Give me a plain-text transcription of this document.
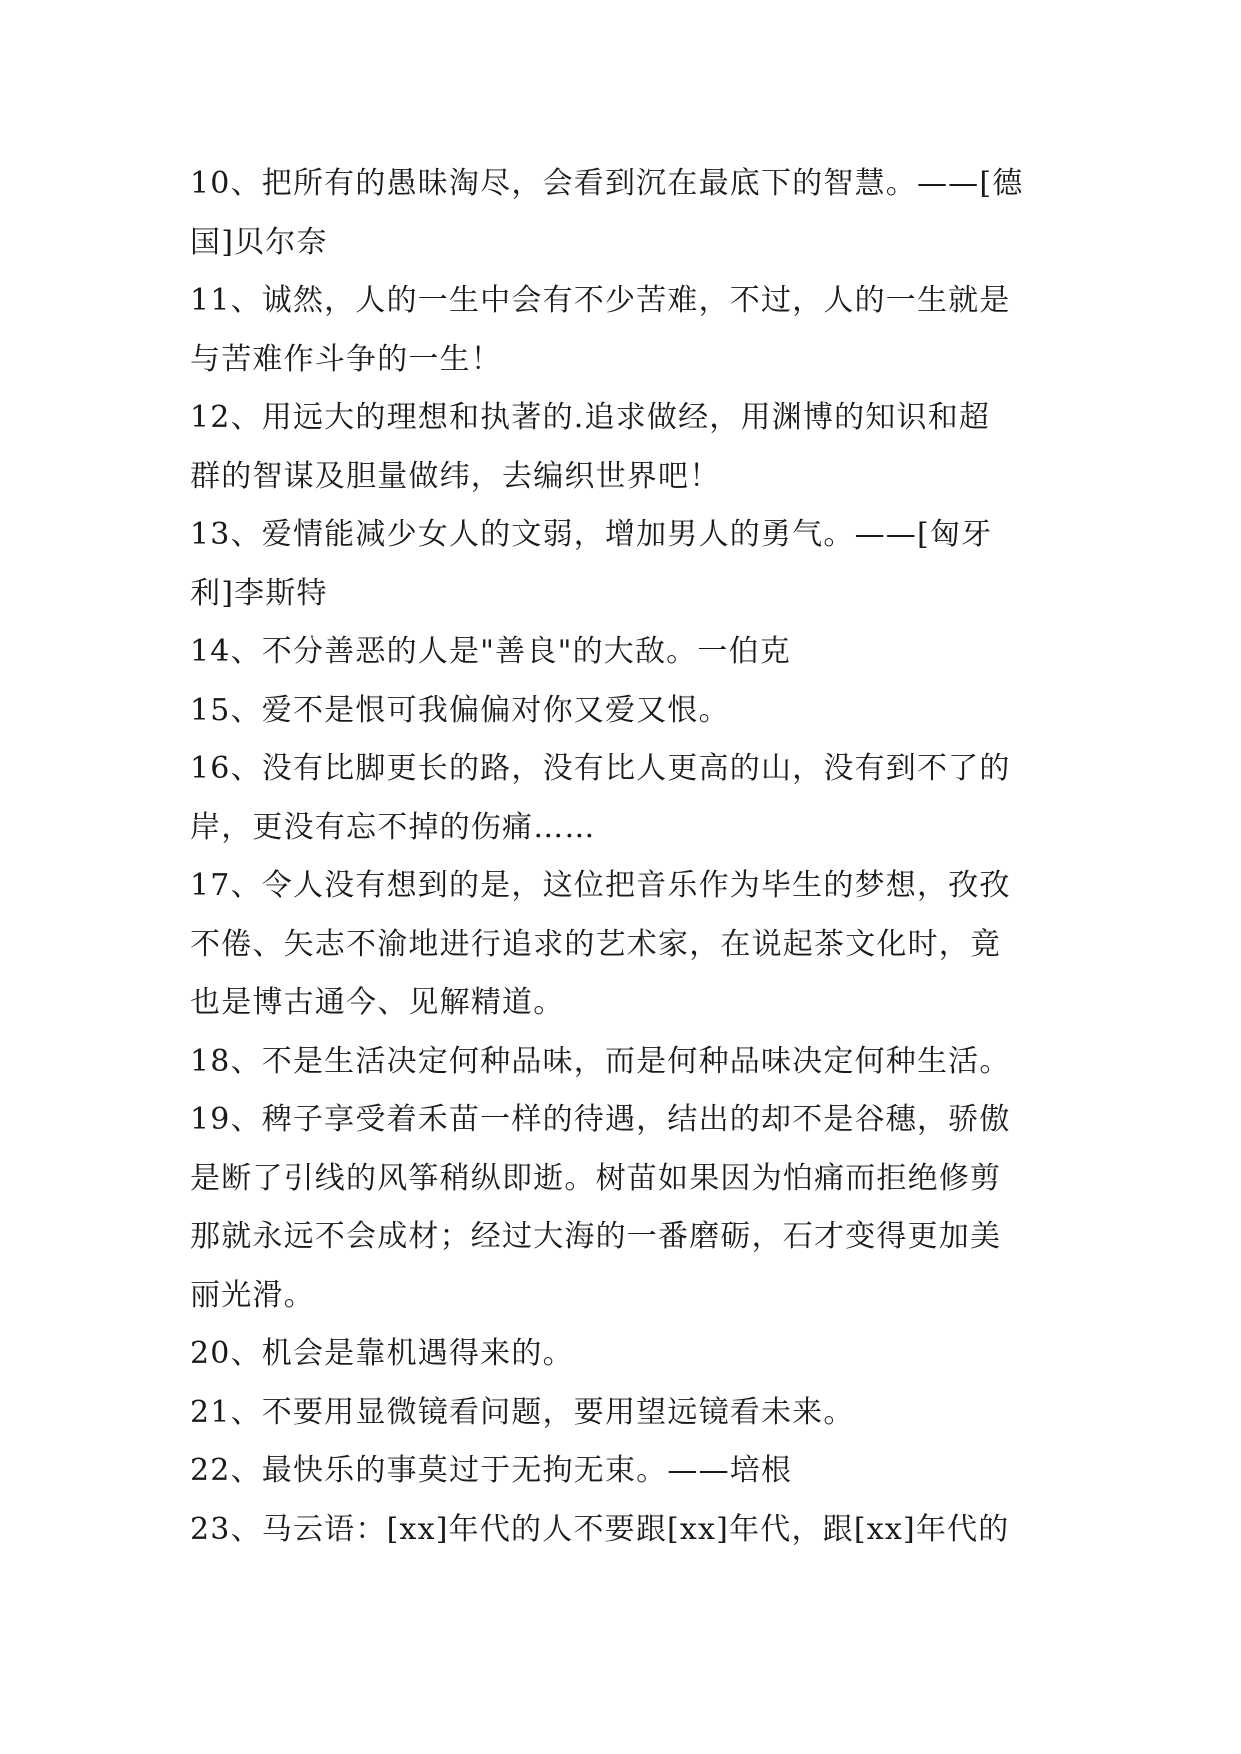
10、把所有的愚昧淘尽，会看到沉在最底下的智慧。——[德
国]贝尔奈
11、诚然，人的一生中会有不少苦难，不过，人的一生就是
与苦难作斗争的一生！
12、用远大的理想和执著的.追求做经，用渊博的知识和超
群的智谋及胆量做纬，去编织世界吧！
13、爱情能减少女人的文弱，增加男人的勇气。——[匈牙
利]李斯特
14、不分善恶的人是"善良"的大敌。一伯克
15、爱不是恨可我偏偏对你又爱又恨。
16、没有比脚更长的路，没有比人更高的山，没有到不了的
岸，更没有忘不掉的伤痛……
17、令人没有想到的是，这位把音乐作为毕生的梦想，孜孜
不倦、矢志不渝地进行追求的艺术家，在说起茶文化时，竟
也是博古通今、见解精道。
18、不是生活决定何种品味，而是何种品味决定何种生活。
19、稗子享受着禾苗一样的待遇，结出的却不是谷穗，骄傲
是断了引线的风筝稍纵即逝。树苗如果因为怕痛而拒绝修剪
那就永远不会成材；经过大海的一番磨砺，石才变得更加美
丽光滑。
20、机会是靠机遇得来的。
21、不要用显微镜看问题，要用望远镜看未来。
22、最快乐的事莫过于无拘无束。——培根
23、马云语：[xx]年代的人不要跟[xx]年代，跟[xx]年代的
